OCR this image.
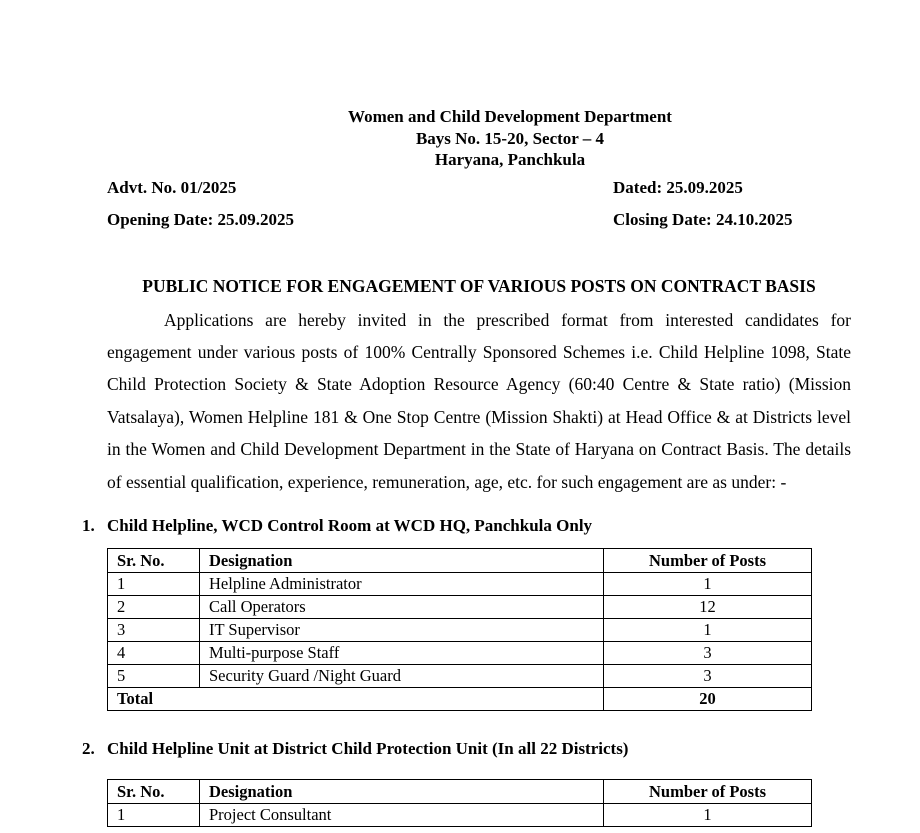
Women and Child Development Department
Bays No. 15-20, Sector – 4
Haryana, Panchkula
Advt. No. 01/2025	Dated: 25.09.2025
Opening Date: 25.09.2025	Closing Date: 24.10.2025
PUBLIC NOTICE FOR ENGAGEMENT OF VARIOUS POSTS ON CONTRACT BASIS

Applications are hereby invited in the prescribed format from interested candidates for engagement under various posts of 100% Centrally Sponsored Schemes i.e. Child Helpline 1098, State Child Protection Society & State Adoption Resource Agency (60:40 Centre & State ratio) (Mission Vatsalaya), Women Helpline 181 & One Stop Centre (Mission Shakti) at Head Office & at Districts level in the Women and Child Development Department in the State of Haryana on Contract Basis. The details of essential qualification, experience, remuneration, age, etc. for such engagement are as under: -

1. Child Helpline, WCD Control Room at WCD HQ, Panchkula Only
Sr. No.	Designation	Number of Posts
1	Helpline Administrator	1
2	Call Operators	12
3	IT Supervisor	1
4	Multi-purpose Staff	3
5	Security Guard /Night Guard	3
Total		20
2. Child Helpline Unit at District Child Protection Unit (In all 22 Districts)
Sr. No.	Designation	Number of Posts
1	Project Consultant	1
